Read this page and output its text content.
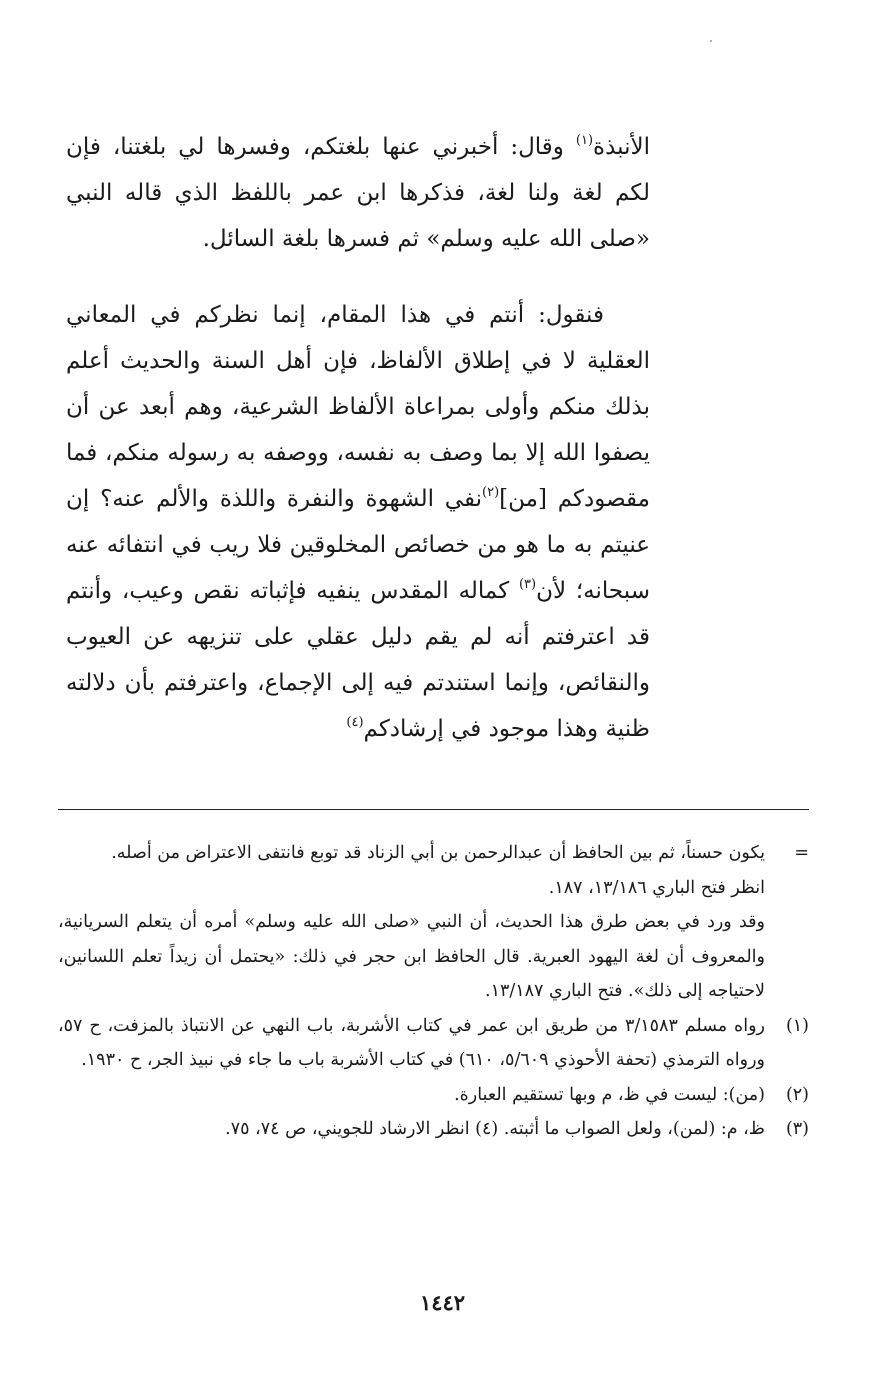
الأنبذة$^{(١)}$ وقال: أخبرني عنها بلغتكم، وفسرها لي بلغتنا، فإن لكم لغة ولنا لغة، فذكرها ابن عمر باللفظ الذي قاله النبي «صلى الله عليه وسلم» ثم فسرها بلغة السائل.

فنقول: أنتم في هذا المقام، إنما نظركم في المعاني العقلية لا في إطلاق الألفاظ، فإن أهل السنة والحديث أعلم بذلك منكم وأولى بمراعاة الألفاظ الشرعية، وهم أبعد عن أن يصفوا الله إلا بما وصف به نفسه، ووصفه به رسوله منكم، فما مقصودكم [من]$^{(٢)}$نفي الشهوة والنفرة واللذة والألم عنه؟ إن عنيتم به ما هو من خصائص المخلوقين فلا ريب في انتفائه عنه سبحانه؛ لأن$^{(٣)}$ كماله المقدس ينفيه فإثباته نقص وعيب، وأنتم قد اعترفتم أنه لم يقم دليل عقلي على تنزيهه عن العيوب والنقائص، وإنما استندتم فيه إلى الإجماع، واعترفتم بأن دلالته ظنية وهذا موجود في إرشادكم$^{(٤)}$

=
يكون حسناً، ثم بين الحافظ أن عبدالرحمن بن أبي الزناد قد توبع فانتفى الاعتراض من أصله.
انظر فتح الباري ١٣/١٨٦، ١٨٧.
وقد ورد في بعض طرق هذا الحديث، أن النبي «صلى الله عليه وسلم» أمره أن يتعلم السريانية، والمعروف أن لغة اليهود العبرية. قال الحافظ ابن حجر في ذلك: «يحتمل أن زيداً تعلم اللسانين، لاحتياجه إلى ذلك». فتح الباري ١٣/١٨٧.
(١)
رواه مسلم ٣/١٥٨٣ من طريق ابن عمر في كتاب الأشربة، باب النهي عن الانتباذ بالمزفت، ح ٥٧، ورواه الترمذي (تحفة الأحوذي ٥/٦٠٩، ٦١٠) في كتاب الأشربة باب ما جاء في نبيذ الجر، ح ١٩٣٠.
(٢)
(من): ليست في ظ، م وبها تستقيم العبارة.
(٣)
ظ، م: (لمن)، ولعل الصواب ما أثبته. (٤) انظر الارشاد للجويني، ص ٧٤، ٧٥.
١٤٤٢
